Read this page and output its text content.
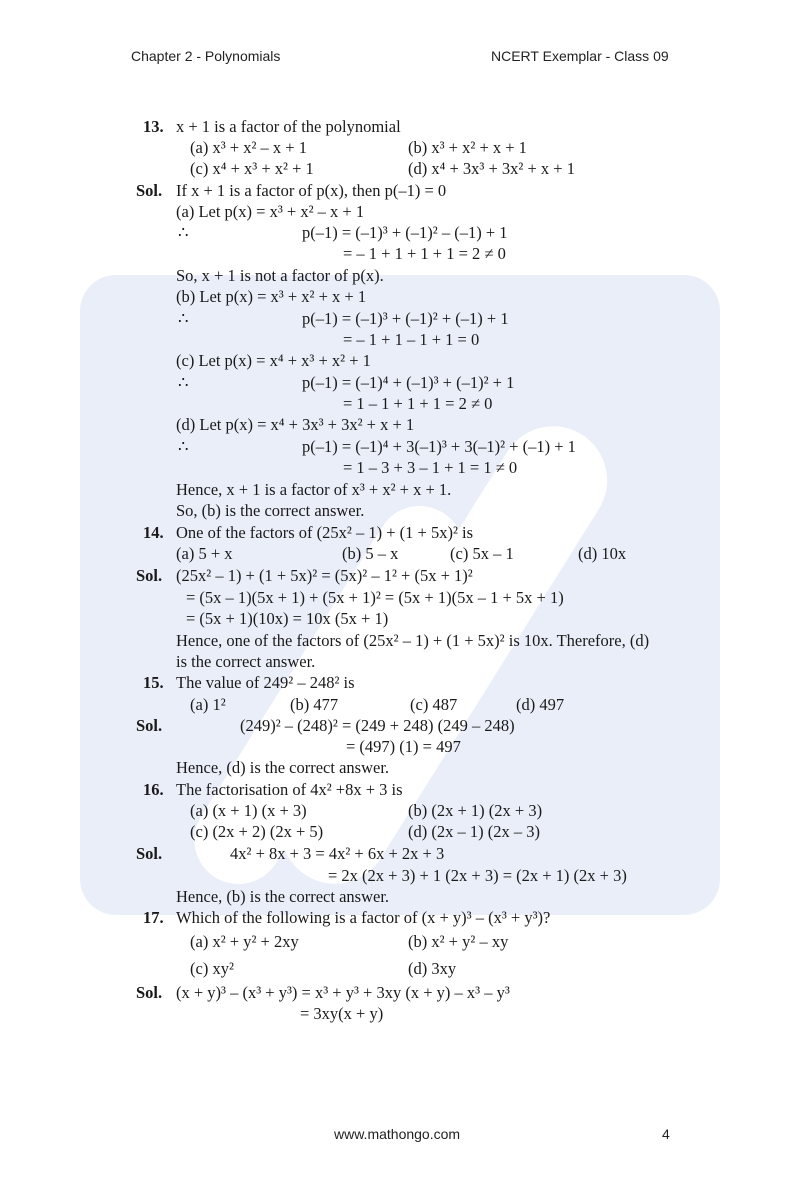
Chapter 2 - Polynomials	NCERT Exemplar - Class 09
13. x + 1 is a factor of the polynomial
(a) x³ + x² – x + 1	(b) x³ + x² + x + 1
(c) x⁴ + x³ + x² + 1	(d) x⁴ + 3x³ + 3x² + x + 1
Sol. If x + 1 is a factor of p(x), then p(–1) = 0
(a) Let p(x) = x³ + x² – x + 1
∴	p(–1) = (–1)³ + (–1)² – (–1) + 1
= – 1 + 1 + 1 + 1 = 2 ≠ 0
So, x + 1 is not a factor of p(x).
(b) Let p(x) = x³ + x² + x + 1
∴	p(–1) = (–1)³ + (–1)² + (–1) + 1
= – 1 + 1 – 1 + 1 = 0
(c) Let p(x) = x⁴ + x³ + x² + 1
∴	p(–1) = (–1)⁴ + (–1)³ + (–1)² + 1
= 1 – 1 + 1 + 1 = 2 ≠ 0
(d) Let p(x) = x⁴ + 3x³ + 3x² + x + 1
∴	p(–1) = (–1)⁴ + 3(–1)³ + 3(–1)² + (–1) + 1
= 1 – 3 + 3 – 1 + 1 = 1 ≠ 0
Hence, x + 1 is a factor of x³ + x² + x + 1.
So, (b) is the correct answer.
14. One of the factors of (25x² – 1) + (1 + 5x)² is
(a) 5 + x	(b) 5 – x	(c) 5x – 1	(d) 10x
Sol. (25x² – 1) + (1 + 5x)² = (5x)² – 1² + (5x + 1)²
= (5x – 1)(5x + 1) + (5x + 1)² = (5x + 1)(5x – 1 + 5x + 1)
= (5x + 1)(10x) = 10x (5x + 1)
Hence, one of the factors of (25x² – 1) + (1 + 5x)² is 10x. Therefore, (d)
is the correct answer.
15. The value of 249² – 248² is
(a) 1²	(b) 477	(c) 487	(d) 497
Sol.	(249)² – (248)² = (249 + 248) (249 – 248)
= (497) (1) = 497
Hence, (d) is the correct answer.
16. The factorisation of 4x² +8x + 3 is
(a) (x + 1) (x + 3)	(b) (2x + 1) (2x + 3)
(c) (2x + 2) (2x + 5)	(d) (2x – 1) (2x – 3)
Sol.	4x² + 8x + 3 = 4x² + 6x + 2x + 3
= 2x (2x + 3) + 1 (2x + 3) = (2x + 1) (2x + 3)
Hence, (b) is the correct answer.
17. Which of the following is a factor of (x + y)³ – (x³ + y³)?
(a) x² + y² + 2xy	(b) x² + y² – xy
(c) xy²	(d) 3xy
Sol. (x + y)³ – (x³ + y³) = x³ + y³ + 3xy (x + y) – x³ – y³
= 3xy(x + y)
www.mathongo.com	4
